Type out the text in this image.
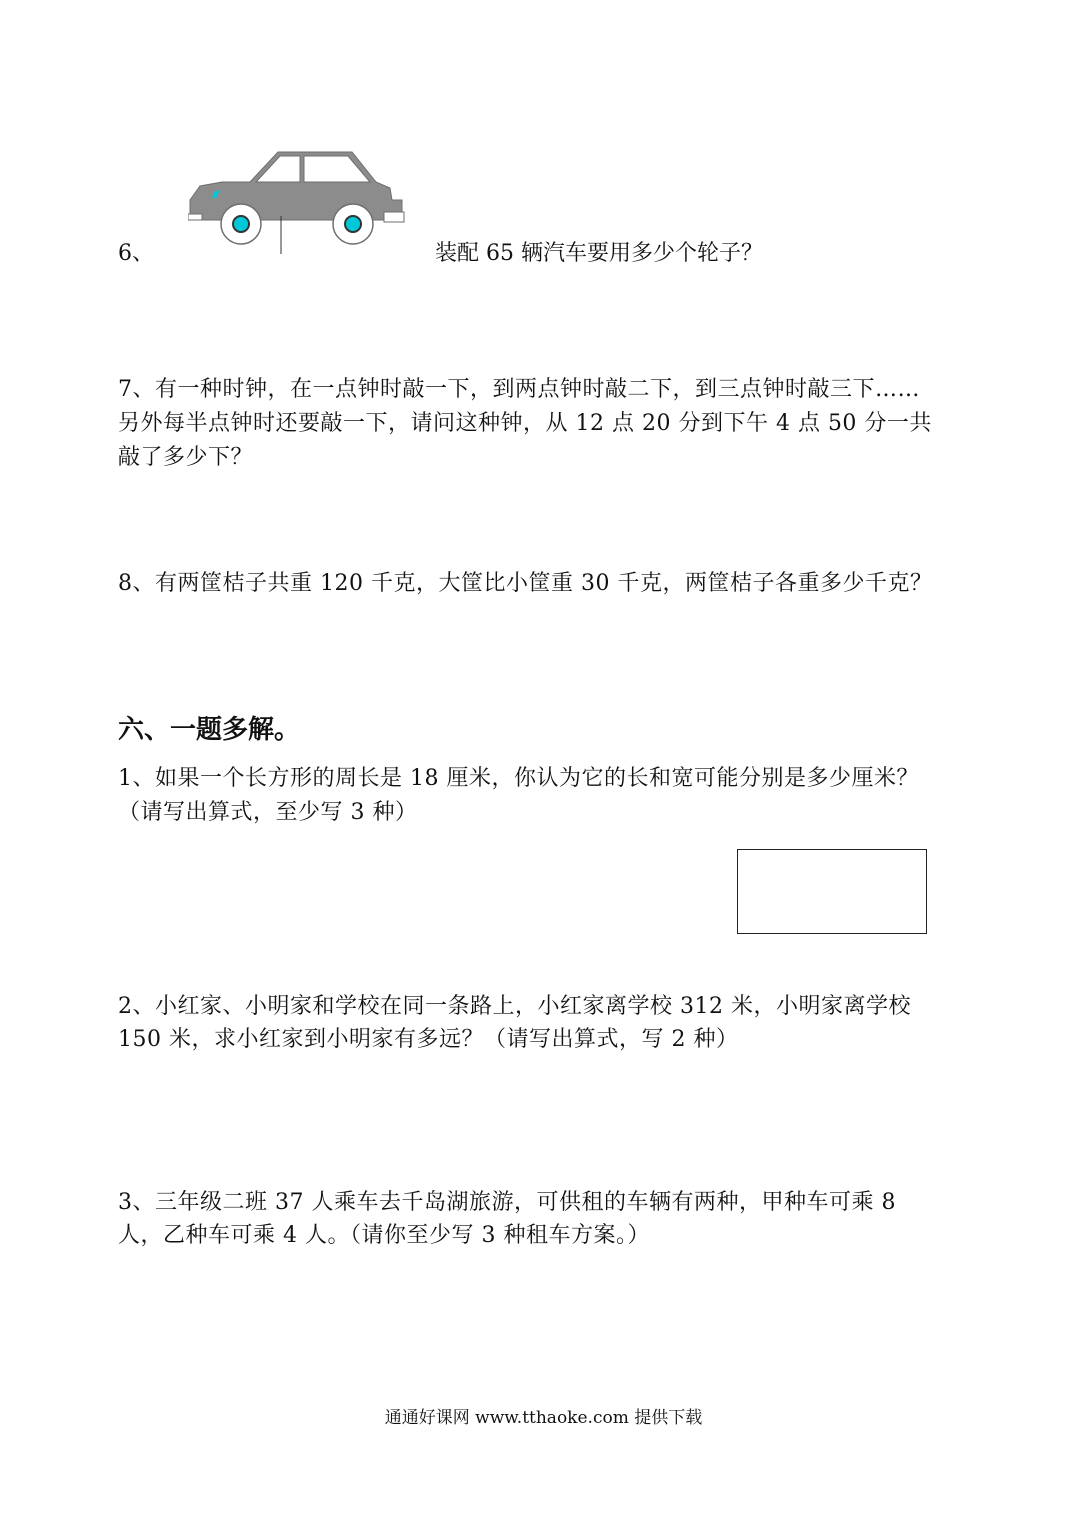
6、	装配 65 辆汽车要用多少个轮子？
7、有一种时钟，在一点钟时敲一下，到两点钟时敲二下，到三点钟时敲三下……
另外每半点钟时还要敲一下，请问这种钟，从 12 点 20 分到下午 4 点 50 分一共
敲了多少下？
8、有两筐桔子共重 120 千克，大筐比小筐重 30 千克，两筐桔子各重多少千克？
六、一题多解。
1、如果一个长方形的周长是 18 厘米，你认为它的长和宽可能分别是多少厘米？
（请写出算式，至少写 3 种）
2、小红家、小明家和学校在同一条路上，小红家离学校 312 米，小明家离学校
150 米，求小红家到小明家有多远？（请写出算式，写 2 种）
3、三年级二班 37 人乘车去千岛湖旅游，可供租的车辆有两种，甲种车可乘 8
人，乙种车可乘 4 人。（请你至少写 3 种租车方案。）
通通好课网 www.tthaoke.com 提供下载
